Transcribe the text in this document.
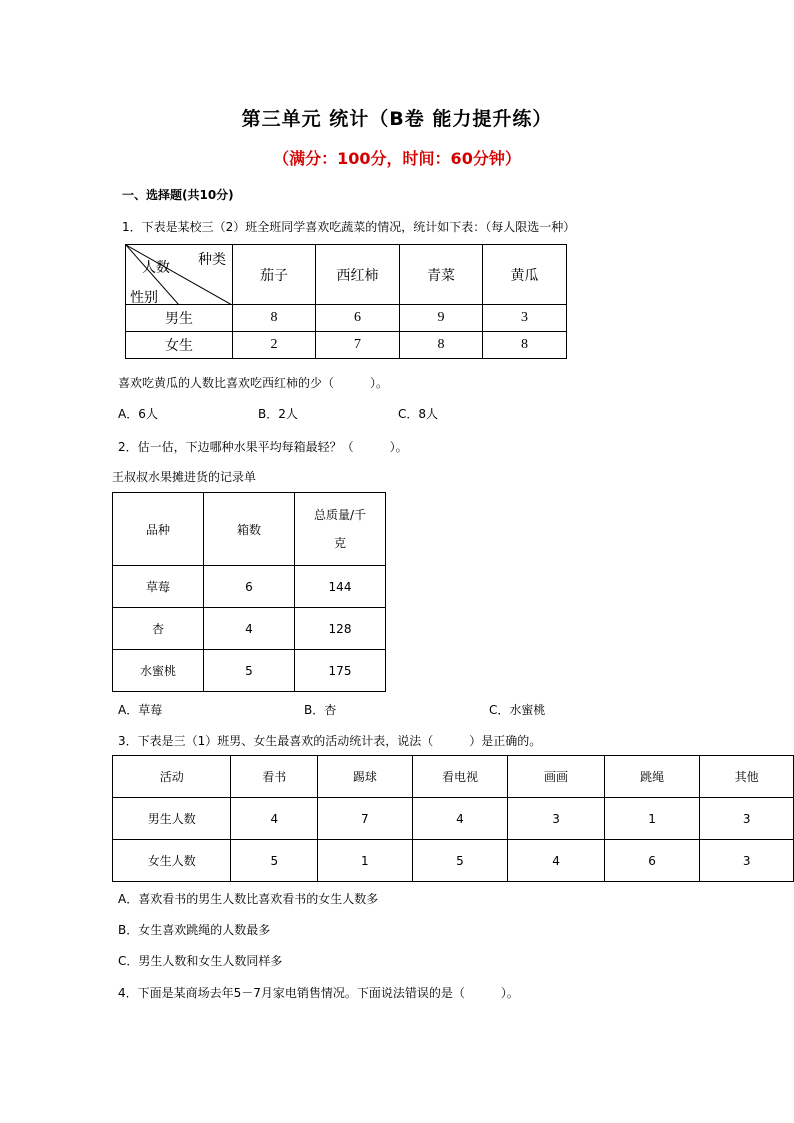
第三单元 统计（B卷 能力提升练）
（满分：100分，时间：60分钟）
一、选择题(共10分)
1．下表是某校三（2）班全班同学喜欢吃蔬菜的情况，统计如下表：（每人限选一种）
种类
人数
性别	茄子	西红柿	青菜	黄瓜
男生	8	6	9	3
女生	2	7	8	8
喜欢吃黄瓜的人数比喜欢吃西红柿的少（　　　）。
A．6人	B．2人	C．8人
2．估一估，下边哪种水果平均每箱最轻？（　　　）。
王叔叔水果摊进货的记录单
品种	箱数	总质量/千
克

草莓	6	144
杏	4	128
水蜜桃	5	175
A．草莓	B．杏	C．水蜜桃
3．下表是三（1）班男、女生最喜欢的活动统计表，说法（　　　）是正确的。
活动	看书	踢球	看电视	画画	跳绳	其他
男生人数	4	7	4	3	1	3
女生人数	5	1	5	4	6	3
A．喜欢看书的男生人数比喜欢看书的女生人数多
B．女生喜欢跳绳的人数最多
C．男生人数和女生人数同样多
4．下面是某商场去年5－7月家电销售情况。下面说法错误的是（　　　）。
